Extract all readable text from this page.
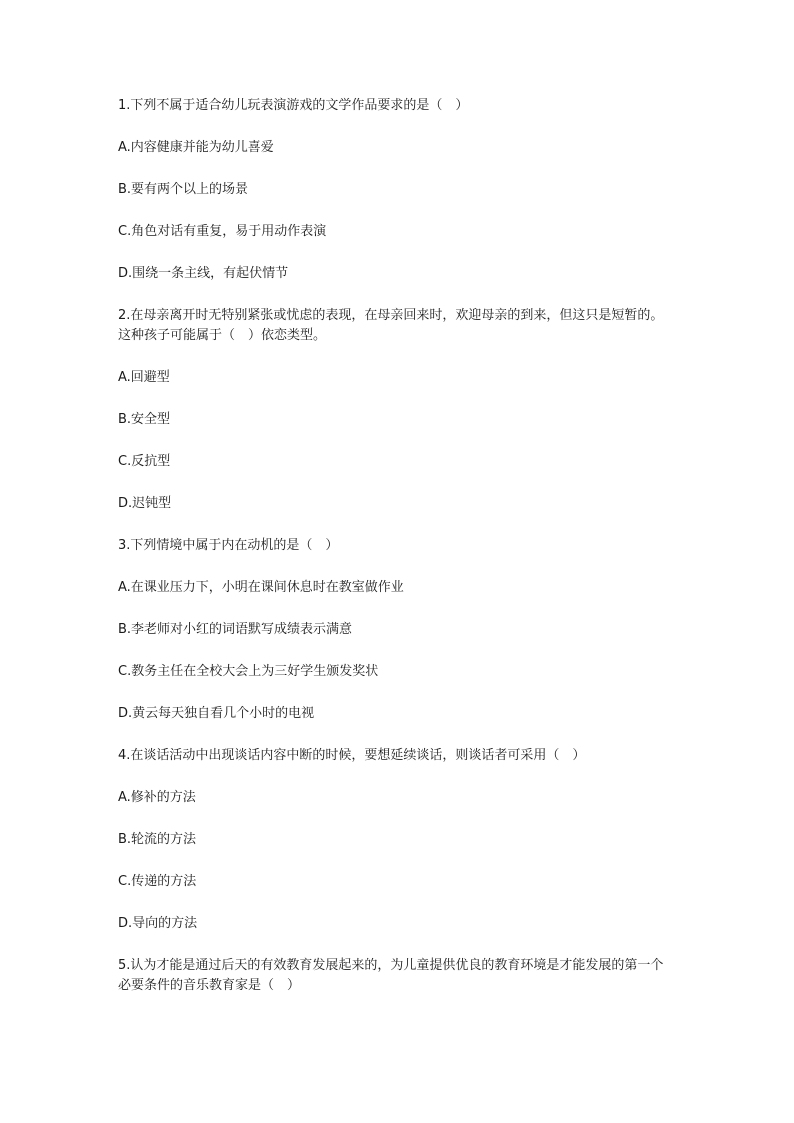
1.下列不属于适合幼儿玩表演游戏的文学作品要求的是（　）

A.内容健康并能为幼儿喜爱

B.要有两个以上的场景

C.角色对话有重复，易于用动作表演

D.围绕一条主线，有起伏情节

2.在母亲离开时无特别紧张或忧虑的表现，在母亲回来时，欢迎母亲的到来，但这只是短暂的。这种孩子可能属于（　）依恋类型。

A.回避型

B.安全型

C.反抗型

D.迟钝型

3.下列情境中属于内在动机的是（　）

A.在课业压力下，小明在课间休息时在教室做作业

B.李老师对小红的词语默写成绩表示满意

C.教务主任在全校大会上为三好学生颁发奖状

D.黄云每天独自看几个小时的电视

4.在谈话活动中出现谈话内容中断的时候，要想延续谈话，则谈话者可采用（　）

A.修补的方法

B.轮流的方法

C.传递的方法

D.导向的方法

5.认为才能是通过后天的有效教育发展起来的，为儿童提供优良的教育环境是才能发展的第一个必要条件的音乐教育家是（　）
